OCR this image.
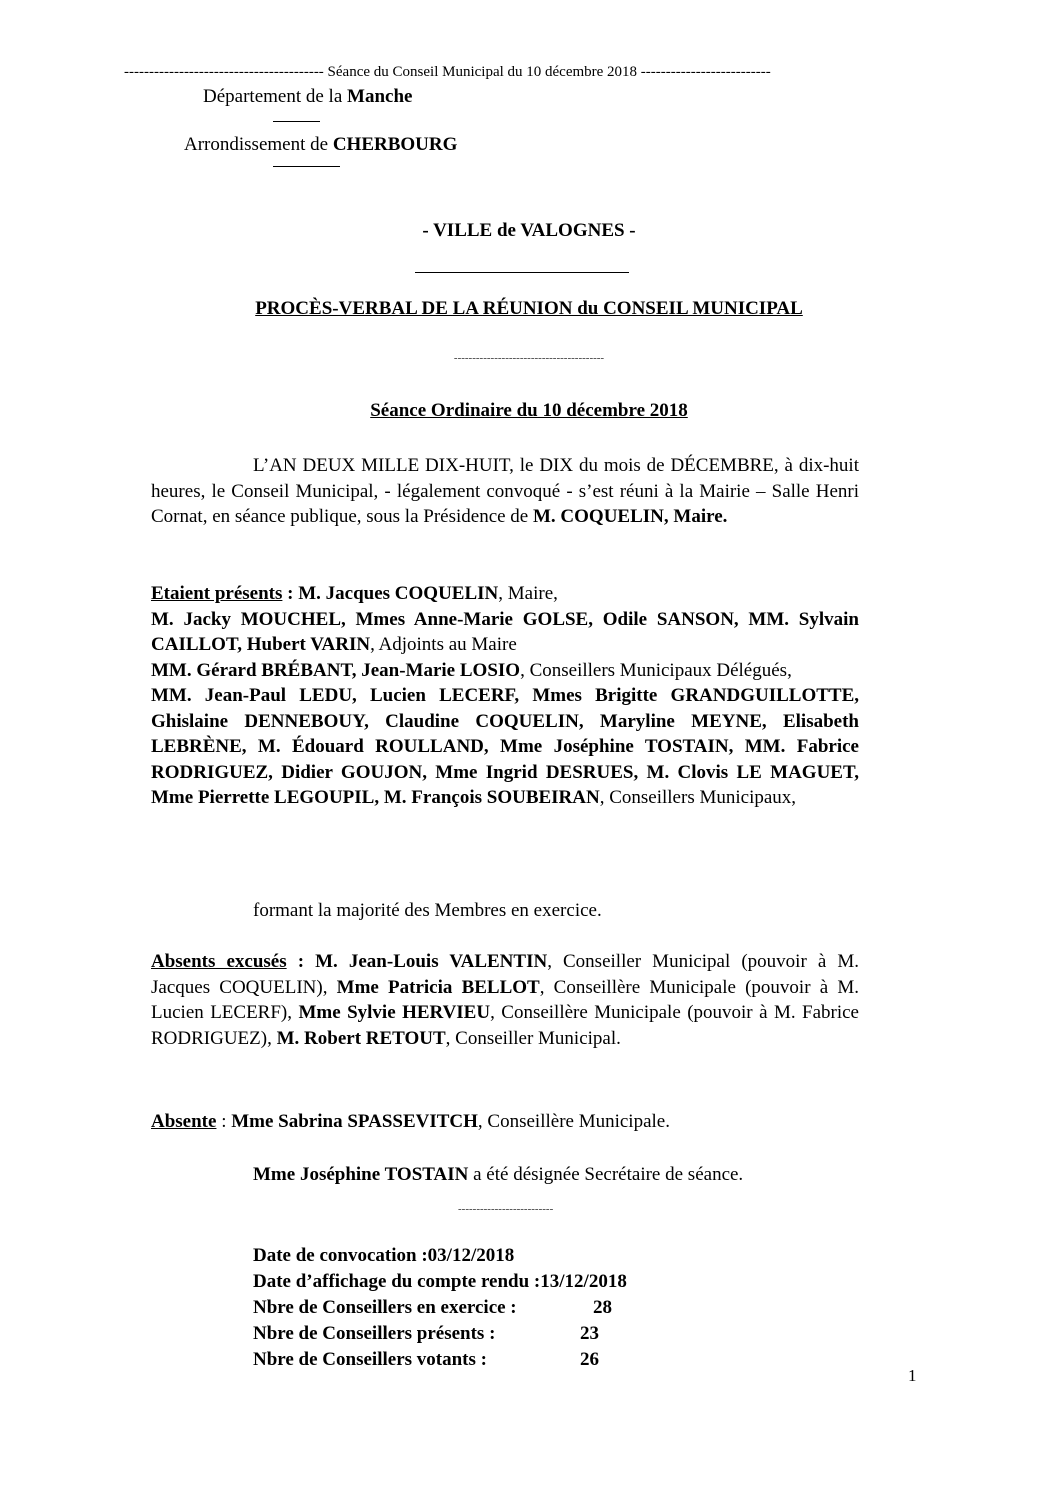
---------------------------------------- Séance du Conseil Municipal du 10 décembre 2018 --------------------------
Département de la Manche
Arrondissement de CHERBOURG
- VILLE de VALOGNES -
PROCÈS-VERBAL DE LA RÉUNION du CONSEIL MUNICIPAL
-----------------------------------------
Séance Ordinaire du 10 décembre 2018
L’AN DEUX MILLE DIX-HUIT, le DIX du mois de DÉCEMBRE, à dix-huit heures, le Conseil Municipal, - légalement convoqué - s’est réuni à la Mairie – Salle Henri Cornat, en séance publique, sous la Présidence de M. COQUELIN, Maire.
Etaient présents : M. Jacques COQUELIN, Maire,
M. Jacky MOUCHEL, Mmes Anne-Marie GOLSE, Odile SANSON, MM. Sylvain CAILLOT, Hubert VARIN, Adjoints au Maire
MM. Gérard BRÉBANT, Jean-Marie LOSIO, Conseillers Municipaux Délégués,
MM. Jean-Paul LEDU, Lucien LECERF, Mmes Brigitte GRANDGUILLOTTE, Ghislaine DENNEBOUY, Claudine COQUELIN, Maryline MEYNE, Elisabeth LEBRÈNE, M. Édouard ROULLAND, Mme Joséphine TOSTAIN, MM. Fabrice RODRIGUEZ, Didier GOUJON, Mme Ingrid DESRUES, M. Clovis LE MAGUET, Mme Pierrette LEGOUPIL, M. François SOUBEIRAN, Conseillers Municipaux,
formant la majorité des Membres en exercice.
Absents excusés : M. Jean-Louis VALENTIN, Conseiller Municipal (pouvoir à M. Jacques COQUELIN), Mme Patricia BELLOT, Conseillère Municipale (pouvoir à M. Lucien LECERF), Mme Sylvie HERVIEU, Conseillère Municipale (pouvoir à M. Fabrice RODRIGUEZ), M. Robert RETOUT, Conseiller Municipal.
Absente : Mme Sabrina SPASSEVITCH, Conseillère Municipale.
Mme Joséphine TOSTAIN a été désignée Secrétaire de séance.
--------------------------
Date de convocation : 03/12/2018
Date d’affichage du compte rendu : 13/12/2018
Nbre de Conseillers en exercice :	28
Nbre de Conseillers présents :	23
Nbre de Conseillers votants :	26
1
